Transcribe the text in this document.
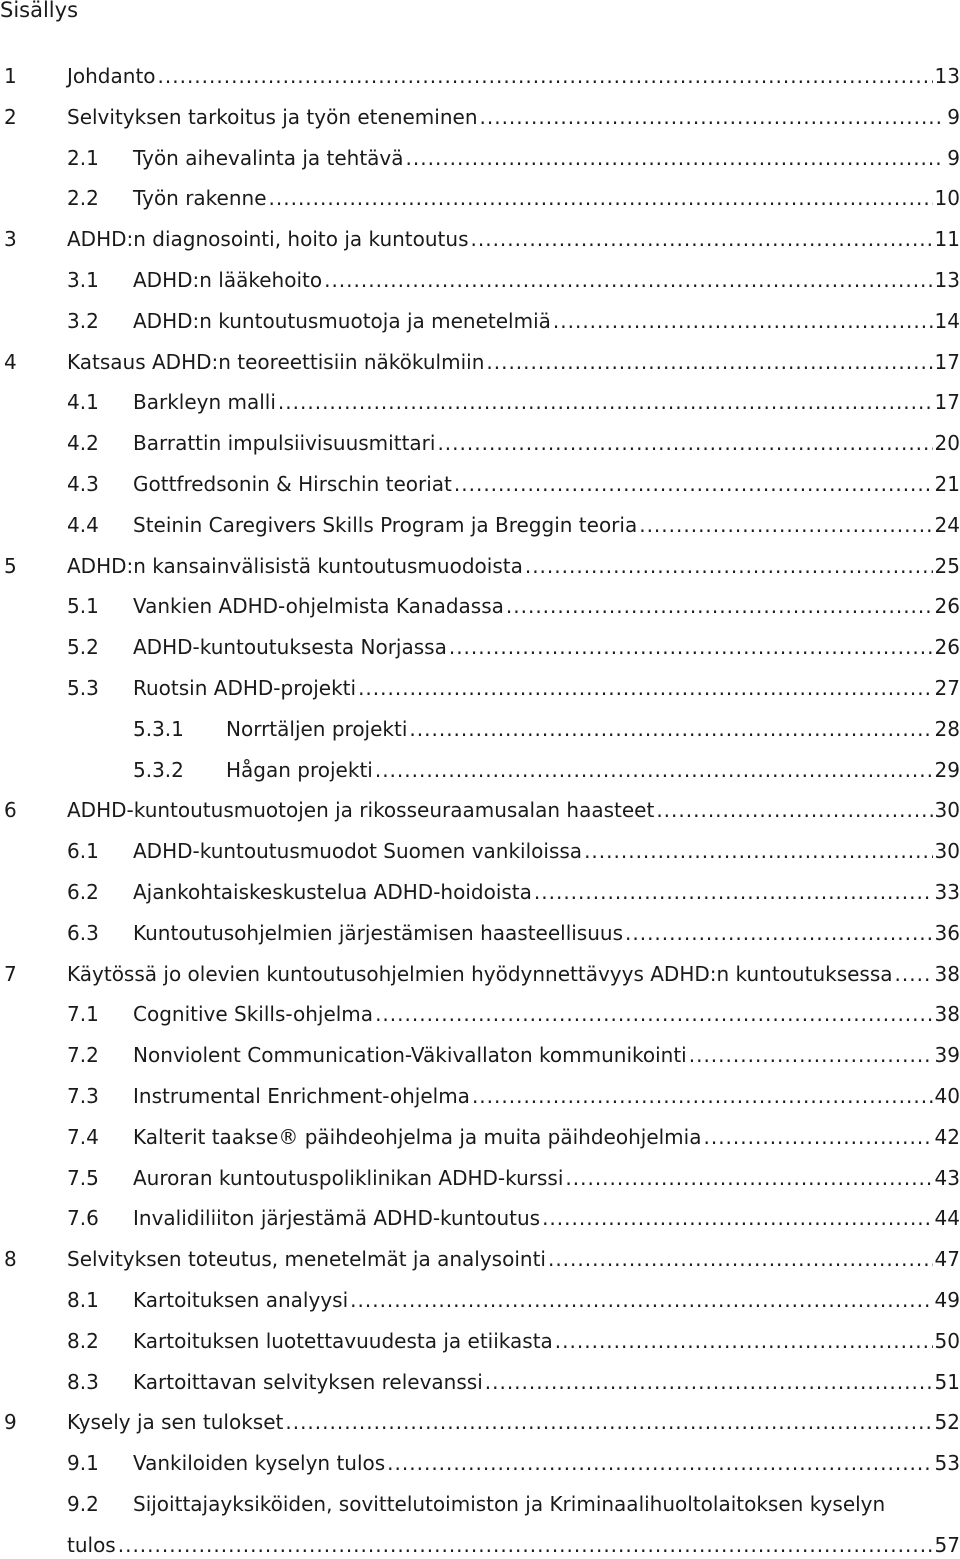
Sisällys
1	Johdanto .....	13
2	Selvityksen tarkoitus ja työn eteneminen .....	9
2.1 Työn aihevalinta ja tehtävä .....	9
2.2 Työn rakenne .....	10
3	ADHD:n diagnosointi, hoito ja kuntoutus .....	11
3.1 ADHD:n lääkehoito .....	13
3.2 ADHD:n kuntoutusmuotoja ja menetelmiä .....	14
4	Katsaus ADHD:n teoreettisiin näkökulmiin .....	17
4.1 Barkleyn malli .....	17
4.2 Barrattin impulsiivisuusmittari .....	20
4.3 Gottfredsonin & Hirschin teoriat .....	21
4.4 Steinin Caregivers Skills Program ja Breggin teoria .....	24
5	ADHD:n kansainvälisistä kuntoutusmuodoista .....	25
5.1 Vankien ADHD-ohjelmista Kanadassa .....	26
5.2 ADHD-kuntoutuksesta Norjassa .....	26
5.3 Ruotsin ADHD-projekti .....	27
5.3.1 Norrtäljen projekti .....	28
5.3.2 Hågan projekti .....	29
6	ADHD-kuntoutusmuotojen ja rikosseuraamusalan haasteet .....	30
6.1 ADHD-kuntoutusmuodot Suomen vankiloissa .....	30
6.2 Ajankohtaiskeskustelua ADHD-hoidoista .....	33
6.3 Kuntoutusohjelmien järjestämisen haasteellisuus .....	36
7	Käytössä jo olevien kuntoutusohjelmien hyödynnettävyys ADHD:n kuntoutuksessa ..... 38
7.1 Cognitive Skills-ohjelma .....	38
7.2 Nonviolent Communication-Väkivallaton kommunikointi .....	39
7.3 Instrumental Enrichment-ohjelma .....	40
7.4 Kalterit taakse® päihdeohjelma ja muita päihdeohjelmia .....	42
7.5 Auroran kuntoutuspoliklinikan ADHD-kurssi .....	43
7.6 Invalidiliiton järjestämä ADHD-kuntoutus .....	44
8	Selvityksen toteutus, menetelmät ja analysointi .....	47
8.1 Kartoituksen analyysi .....	49
8.2 Kartoituksen luotettavuudesta ja etiikasta .....	50
8.3 Kartoittavan selvityksen relevanssi .....	51
9	Kysely ja sen tulokset .....	52
9.1 Vankiloiden kyselyn tulos .....	53
9.2 Sijoittajayksiköiden, sovittelutoimiston ja Kriminaalihuoltolaitoksen kyselyn
tulos .....	57
